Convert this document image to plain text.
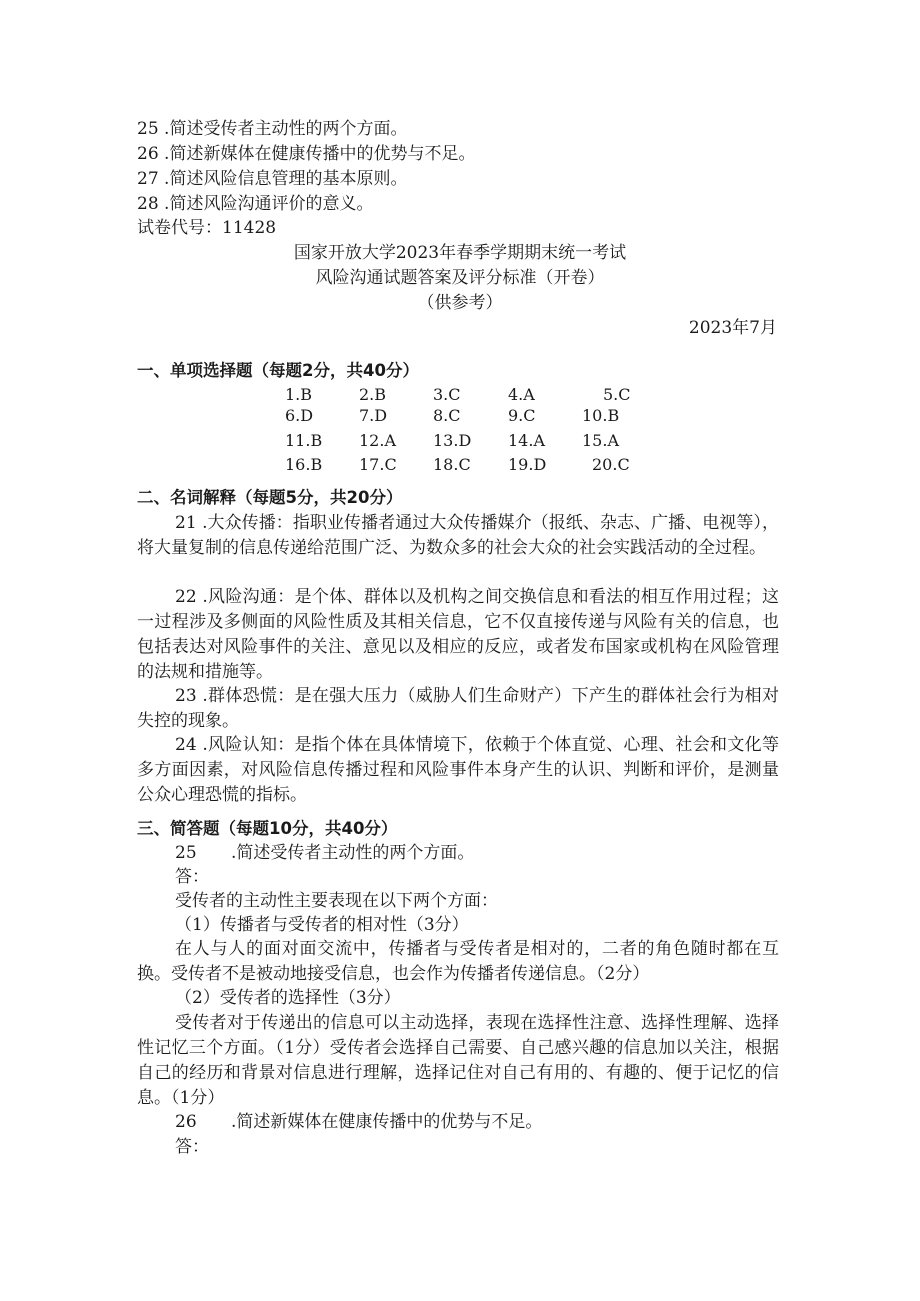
25 .简述受传者主动性的两个方面。
26 .简述新媒体在健康传播中的优势与不足。
27 .简述风险信息管理的基本原则。
28 .简述风险沟通评价的意义。
试卷代号：11428
国家开放大学2023年春季学期期末统一考试
风险沟通试题答案及评分标准（开卷）
（供参考）
2023年7月
一、单项选择题（每题2分，共40分）
1.B	2.B	3.C	4.A	5.C
6.D	7.D	8.C	9.C	10.B
11.B 12.A 13.D 14.A 15.A
16.B 17.C 18.C 19.D	20.C
二、名词解释（每题5分，共20分）
21 .大众传播：指职业传播者通过大众传播媒介（报纸、杂志、广播、电视等），将大量复制的信息传递给范围广泛、为数众多的社会大众的社会实践活动的全过程。
22 .风险沟通：是个体、群体以及机构之间交换信息和看法的相互作用过程；这一过程涉及多侧面的风险性质及其相关信息，它不仅直接传递与风险有关的信息，也包括表达对风险事件的关注、意见以及相应的反应，或者发布国家或机构在风险管理的法规和措施等。
23 .群体恐慌：是在强大压力（威胁人们生命财产）下产生的群体社会行为相对失控的现象。
24 .风险认知：是指个体在具体情境下，依赖于个体直觉、心理、社会和文化等多方面因素，对风险信息传播过程和风险事件本身产生的认识、判断和评价，是测量公众心理恐慌的指标。
三、简答题（每题10分，共40分）
25 .简述受传者主动性的两个方面。
答：
受传者的主动性主要表现在以下两个方面：
（1）传播者与受传者的相对性（3分）
在人与人的面对面交流中，传播者与受传者是相对的，二者的角色随时都在互换。受传者不是被动地接受信息，也会作为传播者传递信息。（2分）
（2）受传者的选择性（3分）
受传者对于传递出的信息可以主动选择，表现在选择性注意、选择性理解、选择性记忆三个方面。（1分）受传者会选择自己需要、自己感兴趣的信息加以关注，根据自己的经历和背景对信息进行理解，选择记住对自己有用的、有趣的、便于记忆的信息。（1分）
26 .简述新媒体在健康传播中的优势与不足。
答：
